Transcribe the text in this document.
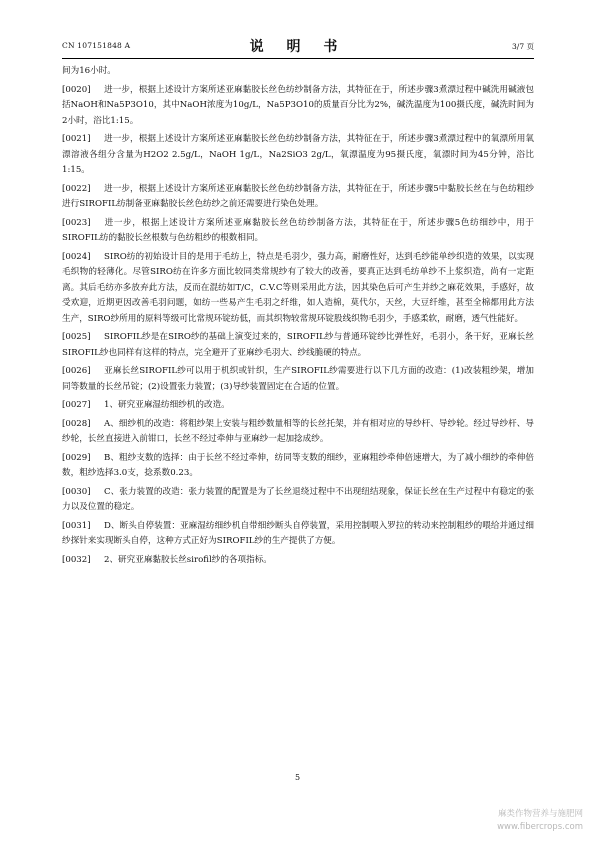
CN 107151848 A	说 明 书	3/7 页

间为16小时。

[0020] 进一步，根据上述设计方案所述亚麻黏胶长丝色纺纱制备方法，其特征在于，所述步骤3煮漂过程中碱洗用碱液包括NaOH和Na5P3O10，其中NaOH浓度为10g/L，Na5P3O10的质量百分比为2%，碱洗温度为100摄氏度，碱洗时间为2小时，浴比1:15。

[0021] 进一步，根据上述设计方案所述亚麻黏胶长丝色纺纱制备方法，其特征在于，所述步骤3煮漂过程中的氧漂所用氧漂溶液各组分含量为H2O2 2.5g/L，NaOH 1g/L，Na2SiO3 2g/L，氧漂温度为95摄氏度，氧漂时间为45分钟，浴比1:15。

[0022] 进一步，根据上述设计方案所述亚麻黏胶长丝色纺纱制备方法，其特征在于，所述步骤5中黏胶长丝在与色纺粗纱进行SIROFIL纺制备亚麻黏胶长丝色纺纱之前还需要进行染色处理。

[0023] 进一步，根据上述设计方案所述亚麻黏胶长丝色纺纱制备方法，其特征在于，所述步骤5色纺细纱中，用于SIROFIL纺的黏胶长丝根数与色纺粗纱的根数相同。

[0024] SIRO纺的初始设计目的是用于毛纺上，特点是毛羽少，强力高，耐磨性好，达到毛纱能单纱织造的效果，以实现毛织物的轻薄化。尽管SIRO纺在许多方面比较同类常规纱有了较大的改善，要真正达到毛纺单纱不上浆织造，尚有一定距离。其后毛纺亦多放弃此方法，反而在混纺如T/C，C.V.C等则采用此方法，因其染色后可产生并纱之麻花效果，手感好，故受欢迎，近期更因改善毛羽问题，如纺一些易产生毛羽之纤维，如人造棉，莫代尔，天丝，大豆纤维，甚至全棉都用此方法生产，SIRO纱所用的原料等级可比常规环锭纺低，而其织物较常规环锭股线织物毛羽少，手感柔软，耐磨，透气性能好。

[0025] SIROFIL纱是在SIRO纱的基础上演变过来的，SIROFIL纱与普通环锭纱比弹性好，毛羽小，条干好，亚麻长丝SIROFIL纱也同样有这样的特点，完全避开了亚麻纱毛羽大、纱线脆硬的特点。

[0026] 亚麻长丝SIROFIL纱可以用于机织或针织，生产SIROFIL纱需要进行以下几方面的改造：(1)改装粗纱架，增加同等数量的长丝吊锭；(2)设置张力装置；(3)导纱装置固定在合适的位置。

[0027] 1、研究亚麻湿纺细纱机的改造。

[0028] A、细纱机的改造：将粗纱架上安装与粗纱数量相等的长丝托架，并有相对应的导纱杆、导纱轮。经过导纱杆、导纱轮，长丝直接进入前钳口，长丝不经过牵伸与亚麻纱一起加捻成纱。

[0029] B、粗纱支数的选择：由于长丝不经过牵伸，纺同等支数的细纱，亚麻粗纱牵伸倍速增大，为了减小细纱的牵伸倍数，粗纱选择3.0支，捻系数0.23。

[0030] C、张力装置的改造：张力装置的配置是为了长丝退绕过程中不出现纽结现象，保证长丝在生产过程中有稳定的张力以及位置的稳定。

[0031] D、断头自停装置：亚麻湿纺细纱机自带细纱断头自停装置，采用控制喂入罗拉的转动来控制粗纱的喂给并通过细纱探针来实现断头自停，这种方式正好为SIROFIL纱的生产提供了方便。

[0032] 2、研究亚麻黏胶长丝sirofil纱的各项指标。

5
麻类作物营养与施肥网
www.fibercrops.com
